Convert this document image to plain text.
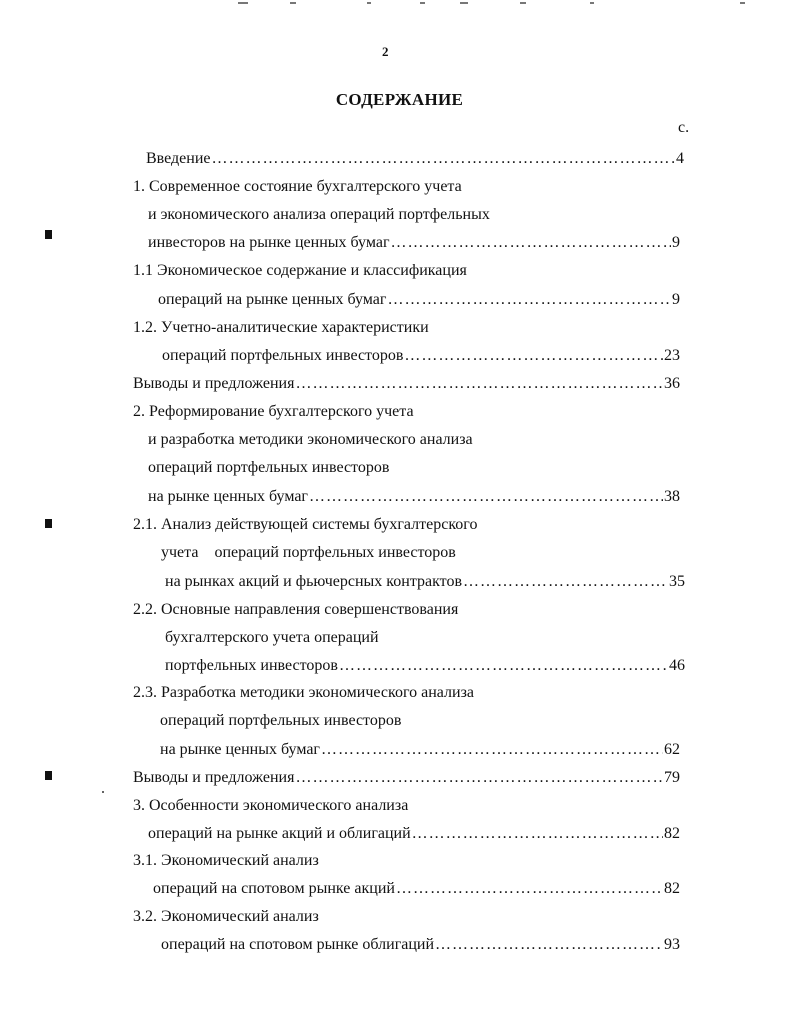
2
СОДЕРЖАНИЕ
с.
Введение ……………………………………………………………………………………………………………………………	4
1. Современное состояние бухгалтерского учета
и экономического анализа операций портфельных
инвесторов на рынке ценных бумаг ……………………………………………………………………………………………………………………………	9
1.1 Экономическое содержание и классификация
операций на рынке ценных бумаг ……………………………………………………………………………………………………………………………	9
1.2. Учетно-аналитические характеристики
операций портфельных инвесторов ……………………………………………………………………………………………………………………………	23
Выводы и предложения ……………………………………………………………………………………………………………………………	36
2. Реформирование бухгалтерского учета
и разработка методики экономического анализа
операций портфельных инвесторов
на рынке ценных бумаг ……………………………………………………………………………………………………………………………	38
2.1. Анализ действующей системы бухгалтерского
учета    операций портфельных инвесторов
на рынках акций и фьючерсных контрактов ……………………………………………………………………………………………………………………………	35
2.2. Основные направления совершенствования
бухгалтерского учета операций
портфельных инвесторов ……………………………………………………………………………………………………………………………	46
2.3. Разработка методики экономического анализа
операций портфельных инвесторов
на рынке ценных бумаг ……………………………………………………………………………………………………………………………	62
Выводы и предложения ……………………………………………………………………………………………………………………………	79
3. Особенности экономического анализа
операций на рынке акций и облигаций ……………………………………………………………………………………………………………………………	82
3.1. Экономический анализ
операций на спотовом рынке акций ……………………………………………………………………………………………………………………………	82
3.2. Экономический анализ
операций на спотовом рынке облигаций ……………………………………………………………………………………………………………………………	93
